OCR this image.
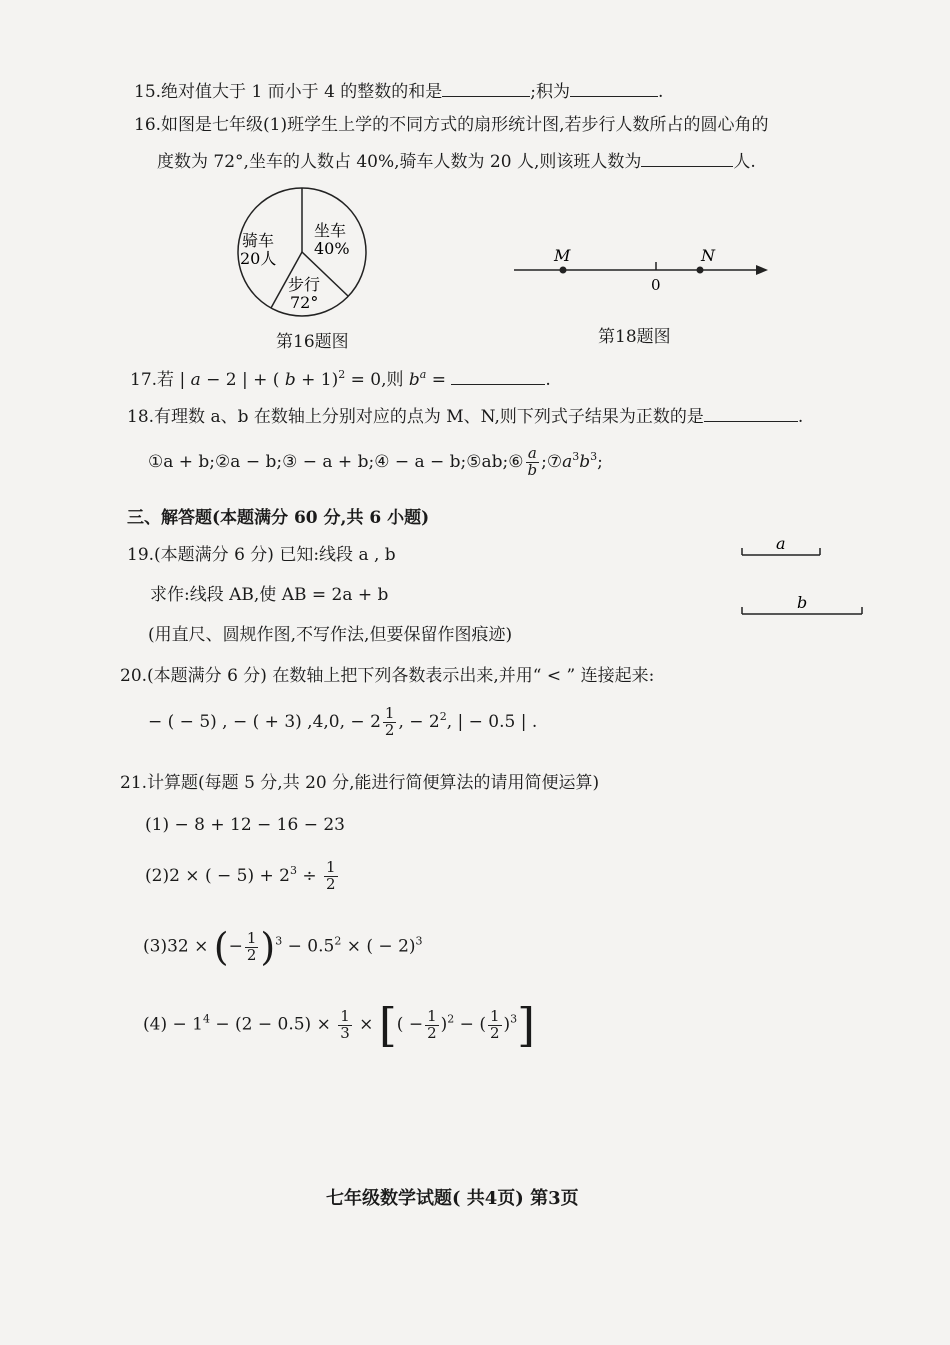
15.绝对值大于 1 而小于 4 的整数的和是	;积为	.
16.如图是七年级(1)班学生上学的不同方式的扇形统计图,若步行人数所占的圆心角的
度数为 72°,坐车的人数占 40%,骑车人数为 20 人,则该班人数为	人.
骑车
20人
坐车
40%
步行
72°
第16题图
M
0
N
第18题图
17.若 | a − 2 | + ( b + 1)$^2$ = 0,则 $b^a$ =	.
18.有理数 a、b 在数轴上分别对应的点为 M、N,则下列式子结果为正数的是	.
①a + b;②a − b;③ − a + b;④ − a − b;⑤ab;⑥ $\frac{a}{b}$ $;⑦a^3b^3$;
三、解答题(本题满分 60 分,共 6 小题)
19.(本题满分 6 分) 已知:线段 a , b
求作:线段 AB,使 AB = 2a + b
(用直尺、圆规作图,不写作法,但要保留作图痕迹)
a
b
20.(本题满分 6 分) 在数轴上把下列各数表示出来,并用“ < ” 连接起来:
− ( − 5) , − ( + 3) ,4,0, − $2 \frac{1}{2}$ , − $2^2$, | − 0.5 | .
21.计算题(每题 5 分,共 20 分,能进行简便算法的请用简便运算)
(1) − 8 + 12 − 16 − 23
(2)2 × ( − $5) + 2^3 \div \frac{1}{2}$
(3)32 × (− $\frac{1}{2} )^3 - 0.5^2$ × ( − 2)$^3$
$(4) - 1^4 - (2 - 0.5) \times \frac{1}{3}$ × [( − $\frac{1}{2} )^2$ − ( $\frac{1}{2} )^3$]
七年级数学试题( 共4页) 第3页
